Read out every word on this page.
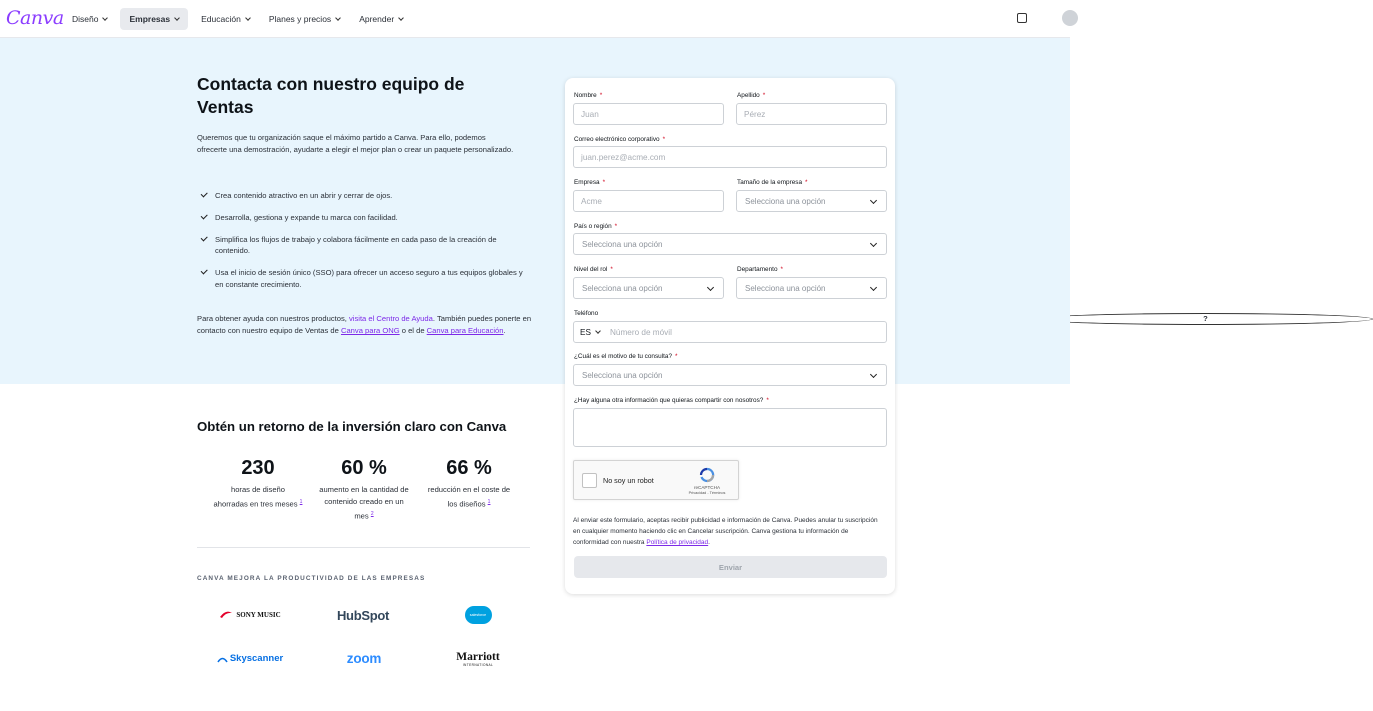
Canva Diseño	Empresas	Educación	Planes y precios	Aprender
?
Contacta con nuestro equipo de Ventas

Queremos que tu organización saque el máximo partido a Canva. Para ello, podemos ofrecerte una demostración, ayudarte a elegir el mejor plan o crear un paquete personalizado.

Crea contenido atractivo en un abrir y cerrar de ojos.
Desarrolla, gestiona y expande tu marca con facilidad.
Simplifica los flujos de trabajo y colabora fácilmente en cada paso de la creación de contenido.
Usa el inicio de sesión único (SSO) para ofrecer un acceso seguro a tus equipos globales y en constante crecimiento.

Para obtener ayuda con nuestros productos, visita el Centro de Ayuda. También puedes ponerte en contacto con nuestro equipo de Ventas de Canva para ONG o el de Canva para Educación.

Obtén un retorno de la inversión claro con Canva
230
horas de diseño ahorradas en tres meses $^1$
60 %
aumento en la cantidad de contenido creado en un mes $^2$
66 %
reducción en el coste de los diseños $^1$
CANVA MEJORA LA PRODUCTIVIDAD DE LAS EMPRESAS
SONY MUSIC	HubSpot	salesforce
Skyscanner	zoom	Marriott
INTERNATIONAL
Nombre *
Juan
Apellido *
Pérez
Correo electrónico corporativo *
juan.perez@acme.com
Empresa *
Acme
Tamaño de la empresa *
Selecciona una opción
País o región *
Selecciona una opción
Nivel del rol *
Selecciona una opción
Departamento *
Selecciona una opción
Teléfono
ES Número de móvil
¿Cuál es el motivo de tu consulta? *
Selecciona una opción
¿Hay alguna otra información que quieras compartir con nosotros? *
No soy un robot
reCAPTCHA
Privacidad - Términos

Al enviar este formulario, aceptas recibir publicidad e información de Canva. Puedes anular tu suscripción en cualquier momento haciendo clic en Cancelar suscripción. Canva gestiona tu información de conformidad con nuestra Política de privacidad.

Enviar
